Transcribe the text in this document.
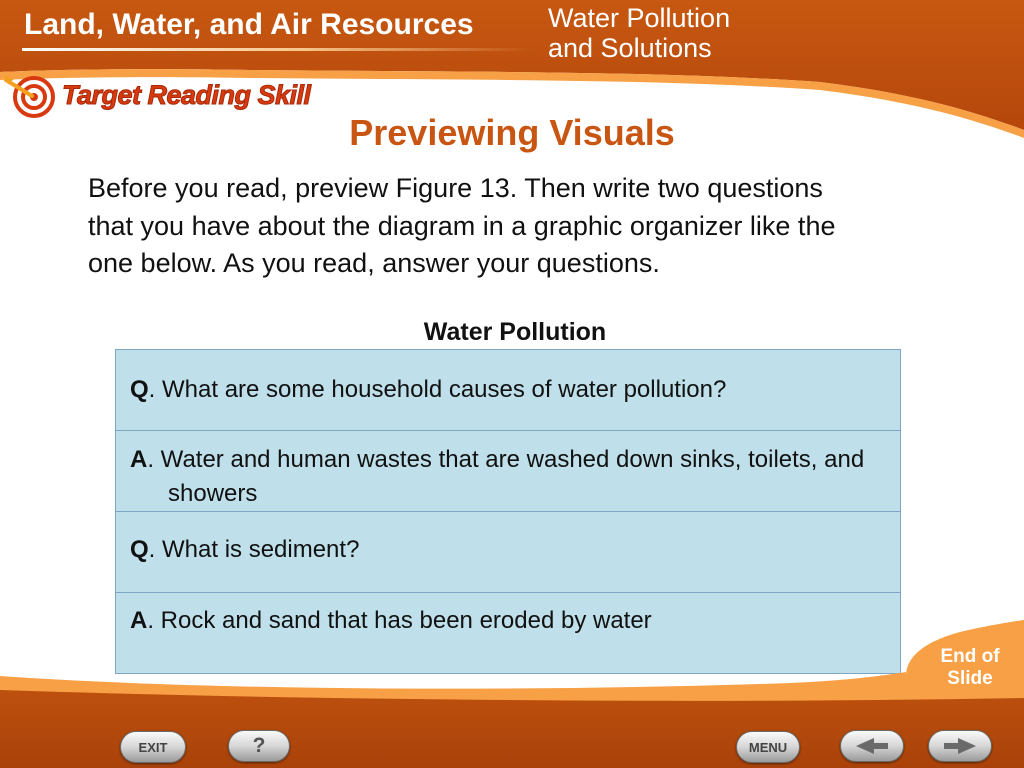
Land, Water, and Air Resources	Water Pollution
and Solutions
Target Reading Skill
Previewing Visuals
Before you read, preview Figure 13. Then write two questions that you have about the diagram in a graphic organizer like the one below. As you read, answer your questions.
Water Pollution
Q. What are some household causes of water pollution?
A. Water and human wastes that are washed down sinks, toilets, and showers
Q. What is sediment?
A. Rock and sand that has been eroded by water
End of
Slide
EXIT	?	MENU
